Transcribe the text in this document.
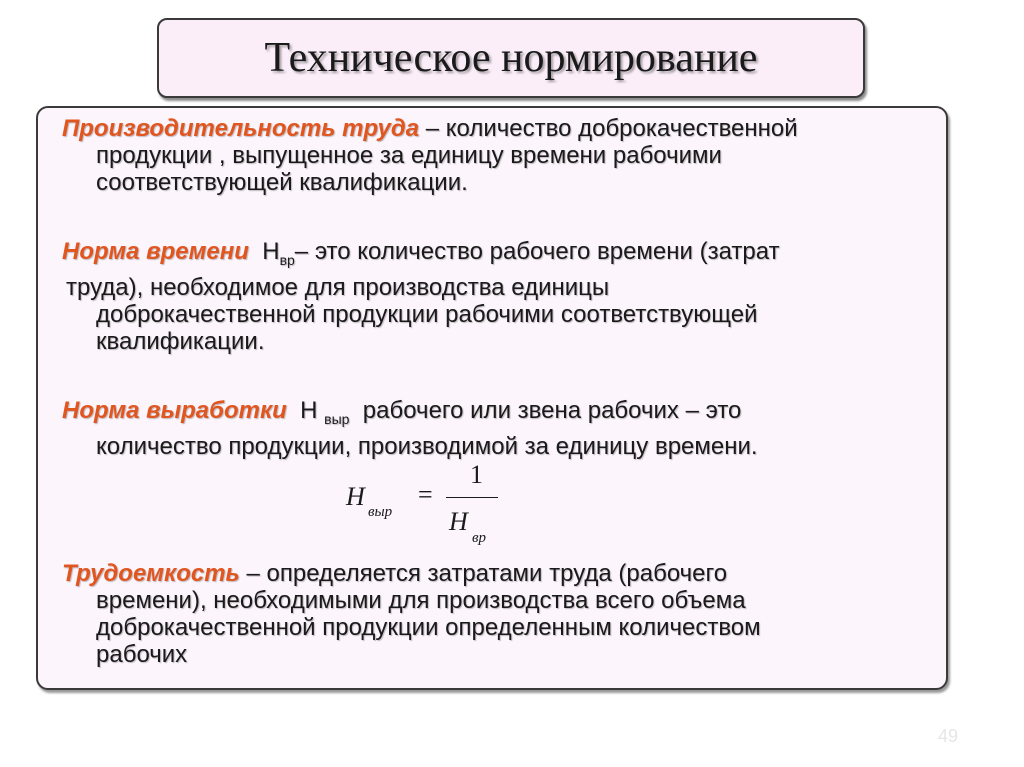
Техническое нормирование

Производительность труда – количество доброкачественной
продукции , выпущенное за единицу времени рабочими
соответствующей квалификации.

Норма времени $Н_{вр}-$ это количество рабочего времени (затрат
труда), необходимое для производства единицы
доброкачественной продукции рабочими соответствующей
квалификации.

Норма выработки Н $_{выр}$ рабочего или звена рабочих – это
количество продукции, производимой за единицу времени.

H
выр
=
1
H
вр

Трудоемкость – определяется затратами труда (рабочего
времени), необходимыми для производства всего объема
доброкачественной продукции определенным количеством
рабочих

49
